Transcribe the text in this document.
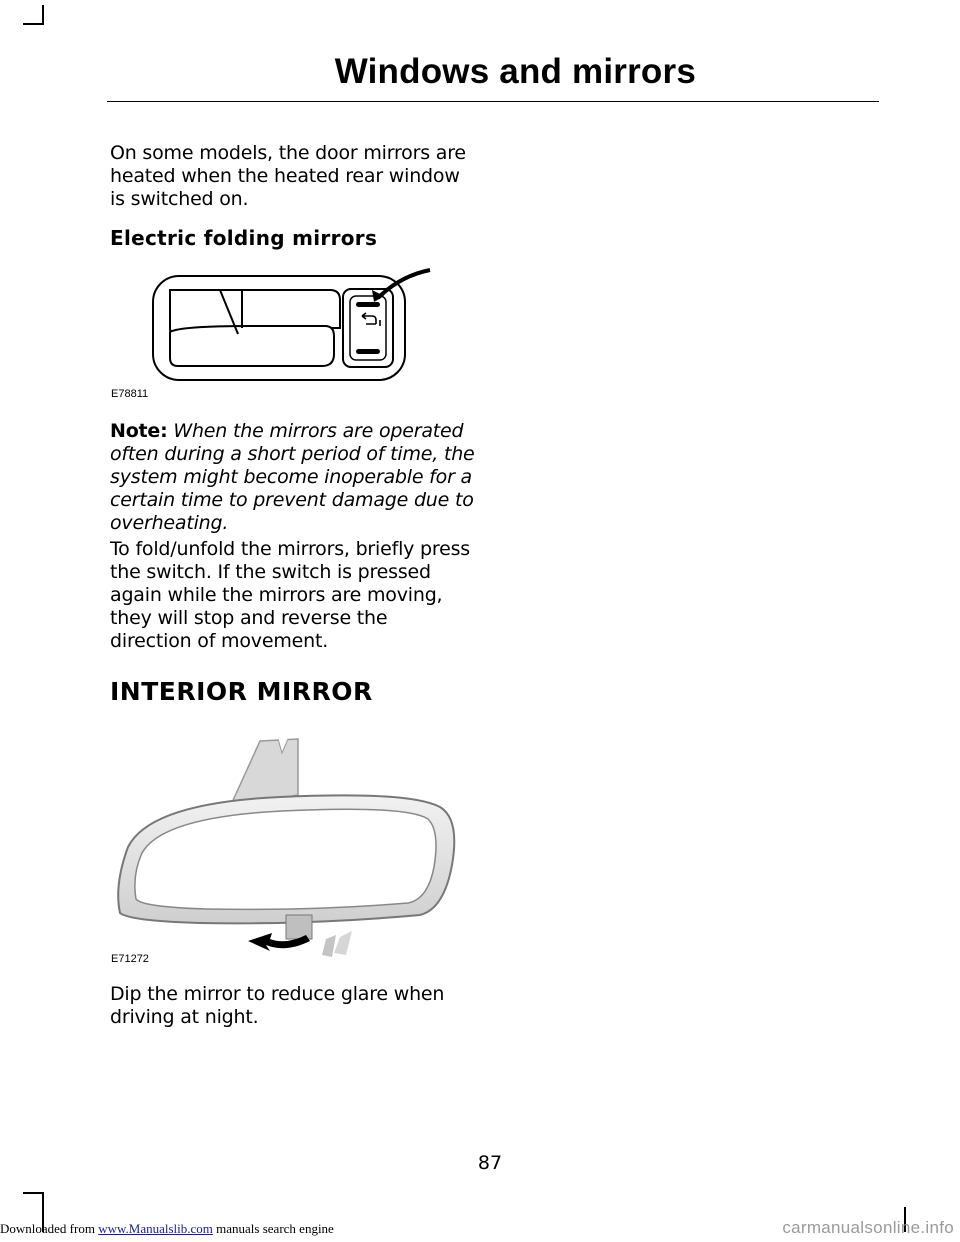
Windows and mirrors

On some models, the door mirrors are heated when the heated rear window is switched on.

Electric folding mirrors
E78811

Note: When the mirrors are operated often during a short period of time, the system might become inoperable for a certain time to prevent damage due to overheating.

To fold/unfold the mirrors, briefly press the switch. If the switch is pressed again while the mirrors are moving, they will stop and reverse the direction of movement.

INTERIOR MIRROR
E71272

Dip the mirror to reduce glare when driving at night.

87
Downloaded from www.Manualslib.com manuals search engine	carmanualsonline.info
